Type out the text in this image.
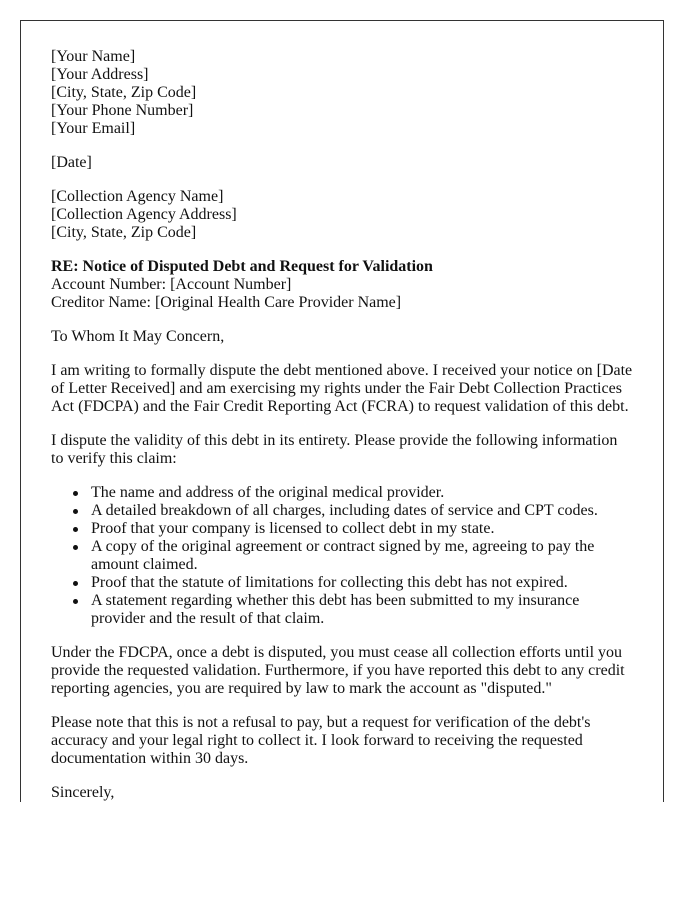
[Your Name]
[Your Address]
[City, State, Zip Code]
[Your Phone Number]
[Your Email]

[Date]

[Collection Agency Name]
[Collection Agency Address]
[City, State, Zip Code]

RE: Notice of Disputed Debt and Request for Validation
Account Number: [Account Number]
Creditor Name: [Original Health Care Provider Name]

To Whom It May Concern,

I am writing to formally dispute the debt mentioned above. I received your notice on [Date of Letter Received] and am exercising my rights under the Fair Debt Collection Practices Act (FDCPA) and the Fair Credit Reporting Act (FCRA) to request validation of this debt.

I dispute the validity of this debt in its entirety. Please provide the following information to verify this claim:

The name and address of the original medical provider.
A detailed breakdown of all charges, including dates of service and CPT codes.
Proof that your company is licensed to collect debt in my state.
A copy of the original agreement or contract signed by me, agreeing to pay the amount claimed.
Proof that the statute of limitations for collecting this debt has not expired.
A statement regarding whether this debt has been submitted to my insurance provider and the result of that claim.

Under the FDCPA, once a debt is disputed, you must cease all collection efforts until you provide the requested validation. Furthermore, if you have reported this debt to any credit reporting agencies, you are required by law to mark the account as "disputed."

Please note that this is not a refusal to pay, but a request for verification of the debt's accuracy and your legal right to collect it. I look forward to receiving the requested documentation within 30 days.

Sincerely,
